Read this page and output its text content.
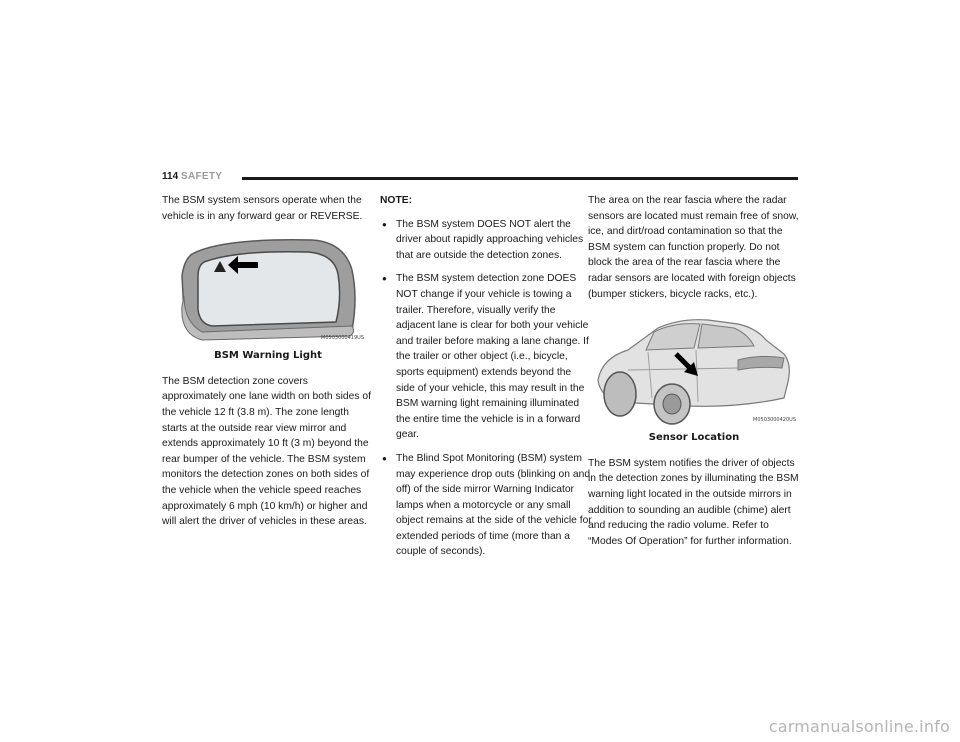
114 SAFETY

The BSM system sensors operate when the vehicle is in any forward gear or REVERSE.

M0503000419US
BSM Warning Light

The BSM detection zone covers approximately one lane width on both sides of the vehicle 12 ft (3.8 m). The zone length starts at the outside rear view mirror and extends approximately 10 ft (3 m) beyond the rear bumper of the vehicle. The BSM system monitors the detection zones on both sides of the vehicle when the vehicle speed reaches approximately 6 mph (10 km/h) or higher and will alert the driver of vehicles in these areas.

NOTE:
● The BSM system DOES NOT alert the driver about rapidly approaching vehicles that are outside the detection zones.
● The BSM system detection zone DOES NOT change if your vehicle is towing a trailer. Therefore, visually verify the adjacent lane is clear for both your vehicle and trailer before making a lane change. If the trailer or other object (i.e., bicycle, sports equipment) extends beyond the side of your vehicle, this may result in the BSM warning light remaining illuminated the entire time the vehicle is in a forward gear.
● The Blind Spot Monitoring (BSM) system may experience drop outs (blinking on and off) of the side mirror Warning Indicator lamps when a motorcycle or any small object remains at the side of the vehicle for extended periods of time (more than a couple of seconds).

The area on the rear fascia where the radar sensors are located must remain free of snow, ice, and dirt/road contamination so that the BSM system can function properly. Do not block the area of the rear fascia where the radar sensors are located with foreign objects (bumper stickers, bicycle racks, etc.).

M0503000420US
Sensor Location

The BSM system notifies the driver of objects in the detection zones by illuminating the BSM warning light located in the outside mirrors in addition to sounding an audible (chime) alert and reducing the radio volume. Refer to “Modes Of Operation” for further information.

carmanualsonline.info
